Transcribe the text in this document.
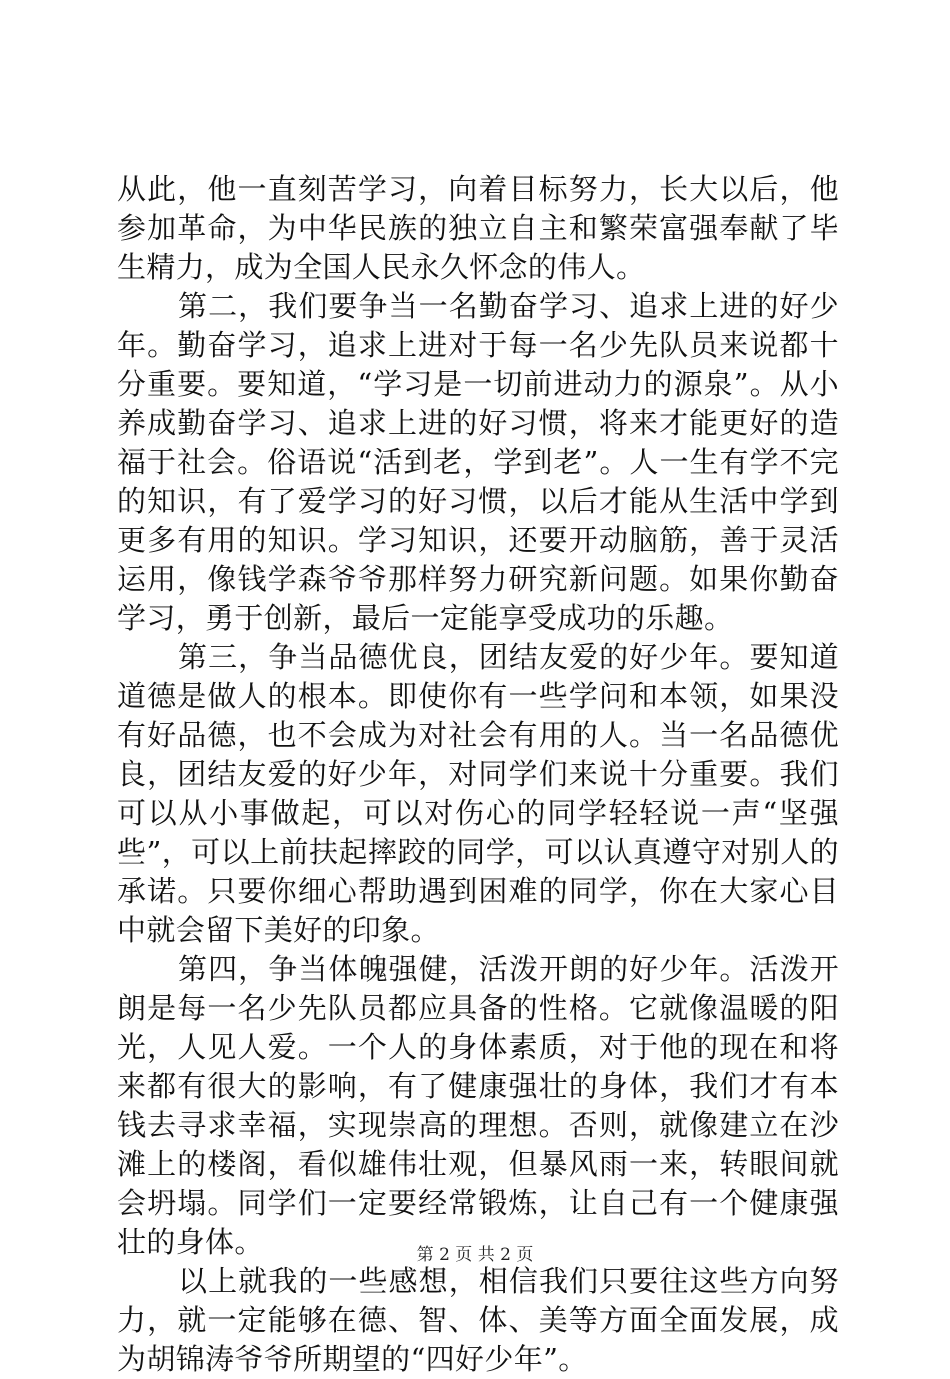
从此，他一直刻苦学习，向着目标努力，长大以后，他参加革命，为中华民族的独立自主和繁荣富强奉献了毕生精力，成为全国人民永久怀念的伟人。

第二，我们要争当一名勤奋学习、追求上进的好少年。勤奋学习，追求上进对于每一名少先队员来说都十分重要。要知道，“学习是一切前进动力的源泉”。从小养成勤奋学习、追求上进的好习惯，将来才能更好的造福于社会。俗语说“活到老，学到老”。人一生有学不完的知识，有了爱学习的好习惯，以后才能从生活中学到更多有用的知识。学习知识，还要开动脑筋，善于灵活运用，像钱学森爷爷那样努力研究新问题。如果你勤奋学习，勇于创新，最后一定能享受成功的乐趣。

第三，争当品德优良，团结友爱的好少年。要知道道德是做人的根本。即使你有一些学问和本领，如果没有好品德，也不会成为对社会有用的人。当一名品德优良，团结友爱的好少年，对同学们来说十分重要。我们可以从小事做起，可以对伤心的同学轻轻说一声“坚强些”，可以上前扶起摔跤的同学，可以认真遵守对别人的承诺。只要你细心帮助遇到困难的同学，你在大家心目中就会留下美好的印象。

第四，争当体魄强健，活泼开朗的好少年。活泼开朗是每一名少先队员都应具备的性格。它就像温暖的阳光，人见人爱。一个人的身体素质，对于他的现在和将来都有很大的影响，有了健康强壮的身体，我们才有本钱去寻求幸福，实现崇高的理想。否则，就像建立在沙滩上的楼阁，看似雄伟壮观，但暴风雨一来，转眼间就会坍塌。同学们一定要经常锻炼，让自己有一个健康强壮的身体。

以上就我的一些感想，相信我们只要往这些方向努力，就一定能够在德、智、体、美等方面全面发展，成为胡锦涛爷爷所期望的“四好少年”。

第 2 页 共 2 页
